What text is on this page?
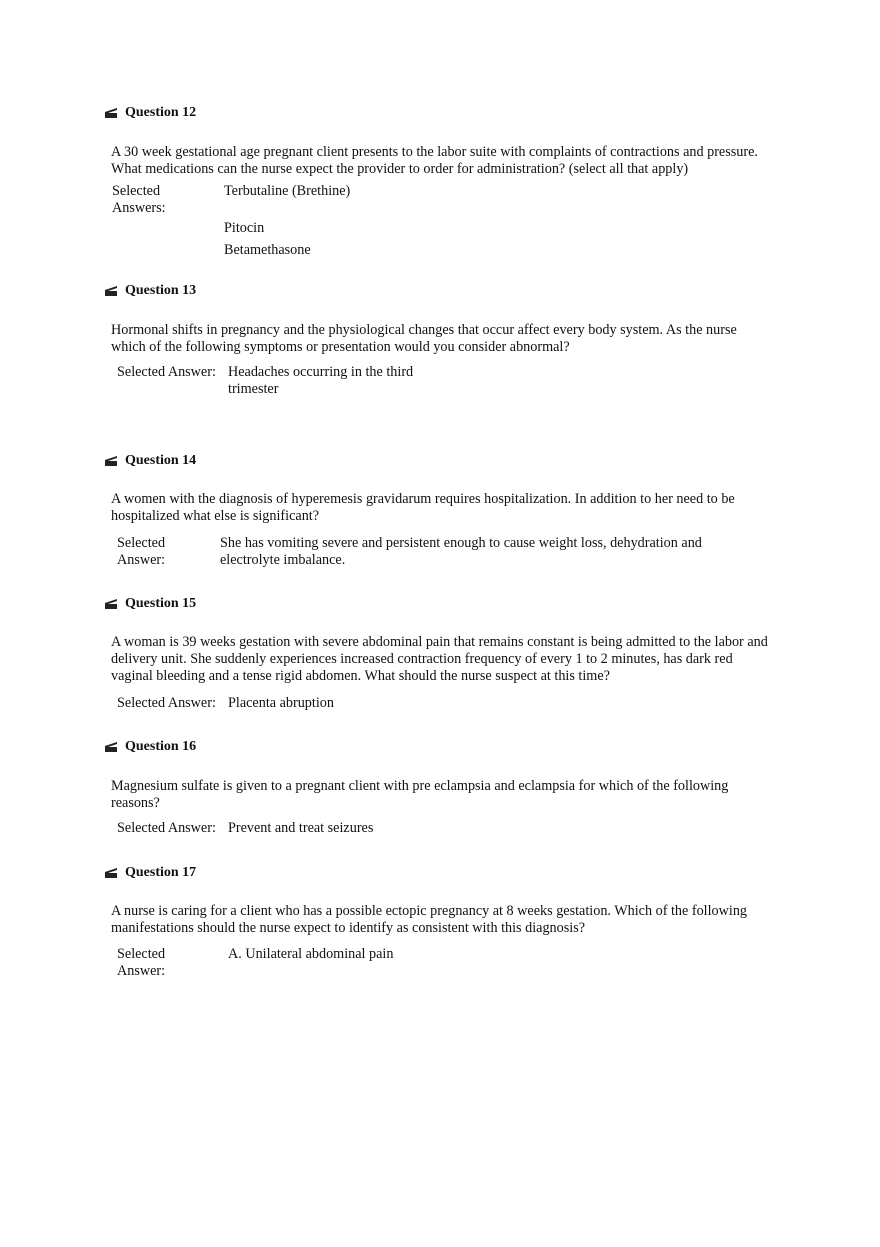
Question 12
A 30 week gestational age pregnant client presents to the labor suite with complaints of contractions and pressure. What medications can the nurse expect the provider to order for administration? (select all that apply)
Selected
Answers:
Terbutaline (Brethine)
Pitocin
Betamethasone
Question 13
Hormonal shifts in pregnancy and the physiological changes that occur affect every body system. As the nurse which of the following symptoms or presentation would you consider abnormal?
Selected Answer: Headaches occurring in the third trimester
Question 14
A women with the diagnosis of hyperemesis gravidarum requires hospitalization. In addition to her need to be hospitalized what else is significant?
Selected
Answer:
She has vomiting severe and persistent enough to cause weight loss, dehydration and electrolyte imbalance.
Question 15
A woman is 39 weeks gestation with severe abdominal pain that remains constant is being admitted to the labor and delivery unit. She suddenly experiences increased contraction frequency of every 1 to 2 minutes, has dark red vaginal bleeding and a tense rigid abdomen. What should the nurse suspect at this time?
Selected Answer: Placenta abruption
Question 16
Magnesium sulfate is given to a pregnant client with pre eclampsia and eclampsia for which of the following reasons?
Selected Answer: Prevent and treat seizures
Question 17
A nurse is caring for a client who has a possible ectopic pregnancy at 8 weeks gestation. Which of the following manifestations should the nurse expect to identify as consistent with this diagnosis?
Selected
Answer:
A. Unilateral abdominal pain
